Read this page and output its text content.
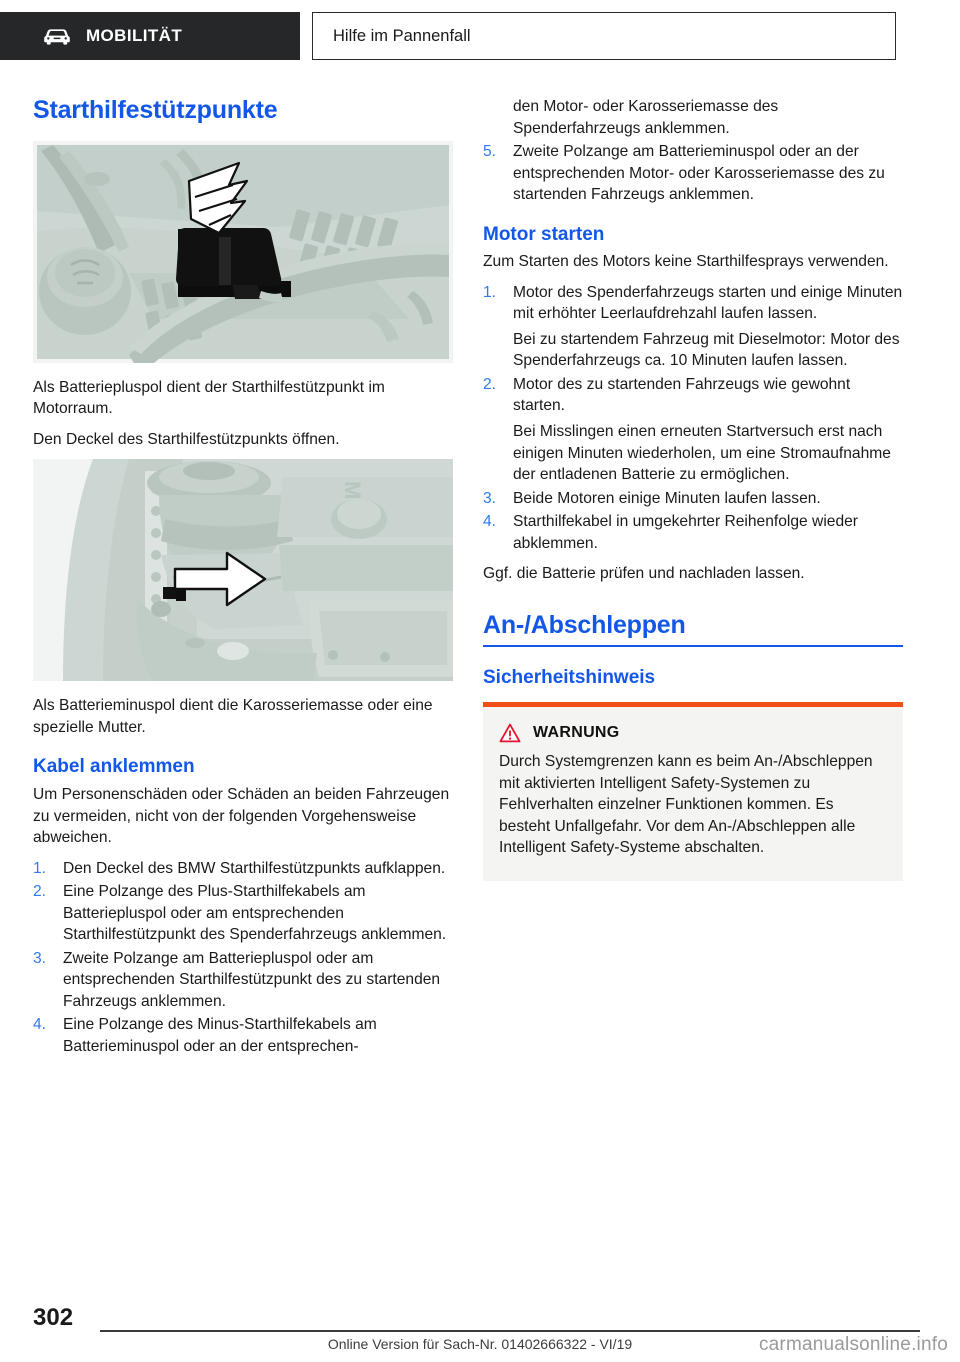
MOBILITÄT	Hilfe im Pannenfall
Starthilfestützpunkte

Als Batteriepluspol dient der Starthilfestützpunkt im Motorraum.

Den Deckel des Starthilfestützpunkts öffnen.

M

Als Batterieminuspol dient die Karosseriemasse oder eine spezielle Mutter.

Kabel anklemmen

Um Personenschäden oder Schäden an beiden Fahrzeugen zu vermeiden, nicht von der folgenden Vorgehensweise abweichen.

1. Den Deckel des BMW Starthilfestützpunkts aufklappen.
2. Eine Polzange des Plus-Starthilfekabels am Batteriepluspol oder am entsprechenden Starthilfestützpunkt des Spenderfahrzeugs anklemmen.
3. Zweite Polzange am Batteriepluspol oder am entsprechenden Starthilfestützpunkt des zu startenden Fahrzeugs anklemmen.
4. Eine Polzange des Minus-Starthilfekabels am Batterieminuspol oder an der entsprechen-
den Motor- oder Karosseriemasse des Spenderfahrzeugs anklemmen.
5. Zweite Polzange am Batterieminuspol oder an der entsprechenden Motor- oder Karosseriemasse des zu startenden Fahrzeugs anklemmen.
Motor starten

Zum Starten des Motors keine Starthilfesprays verwenden.

1. Motor des Spenderfahrzeugs starten und einige Minuten mit erhöhter Leerlaufdrehzahl laufen lassen.
Bei zu startendem Fahrzeug mit Dieselmotor: Motor des Spenderfahrzeugs ca. 10 Minuten laufen lassen.
2. Motor des zu startenden Fahrzeugs wie gewohnt starten.
Bei Misslingen einen erneuten Startversuch erst nach einigen Minuten wiederholen, um eine Stromaufnahme der entladenen Batterie zu ermöglichen.
3. Beide Motoren einige Minuten laufen lassen.
4. Starthilfekabel in umgekehrter Reihenfolge wieder abklemmen.

Ggf. die Batterie prüfen und nachladen lassen.

An-/Abschleppen
Sicherheitshinweis
WARNUNG

Durch Systemgrenzen kann es beim An-/Abschleppen mit aktivierten Intelligent Safety-Systemen zu Fehlverhalten einzelner Funktionen kommen. Es besteht Unfallgefahr. Vor dem An-/Abschleppen alle Intelligent Safety-Systeme abschalten.

302
Online Version für Sach-Nr. 01402666322 - VI/19	carmanualsonline.info
